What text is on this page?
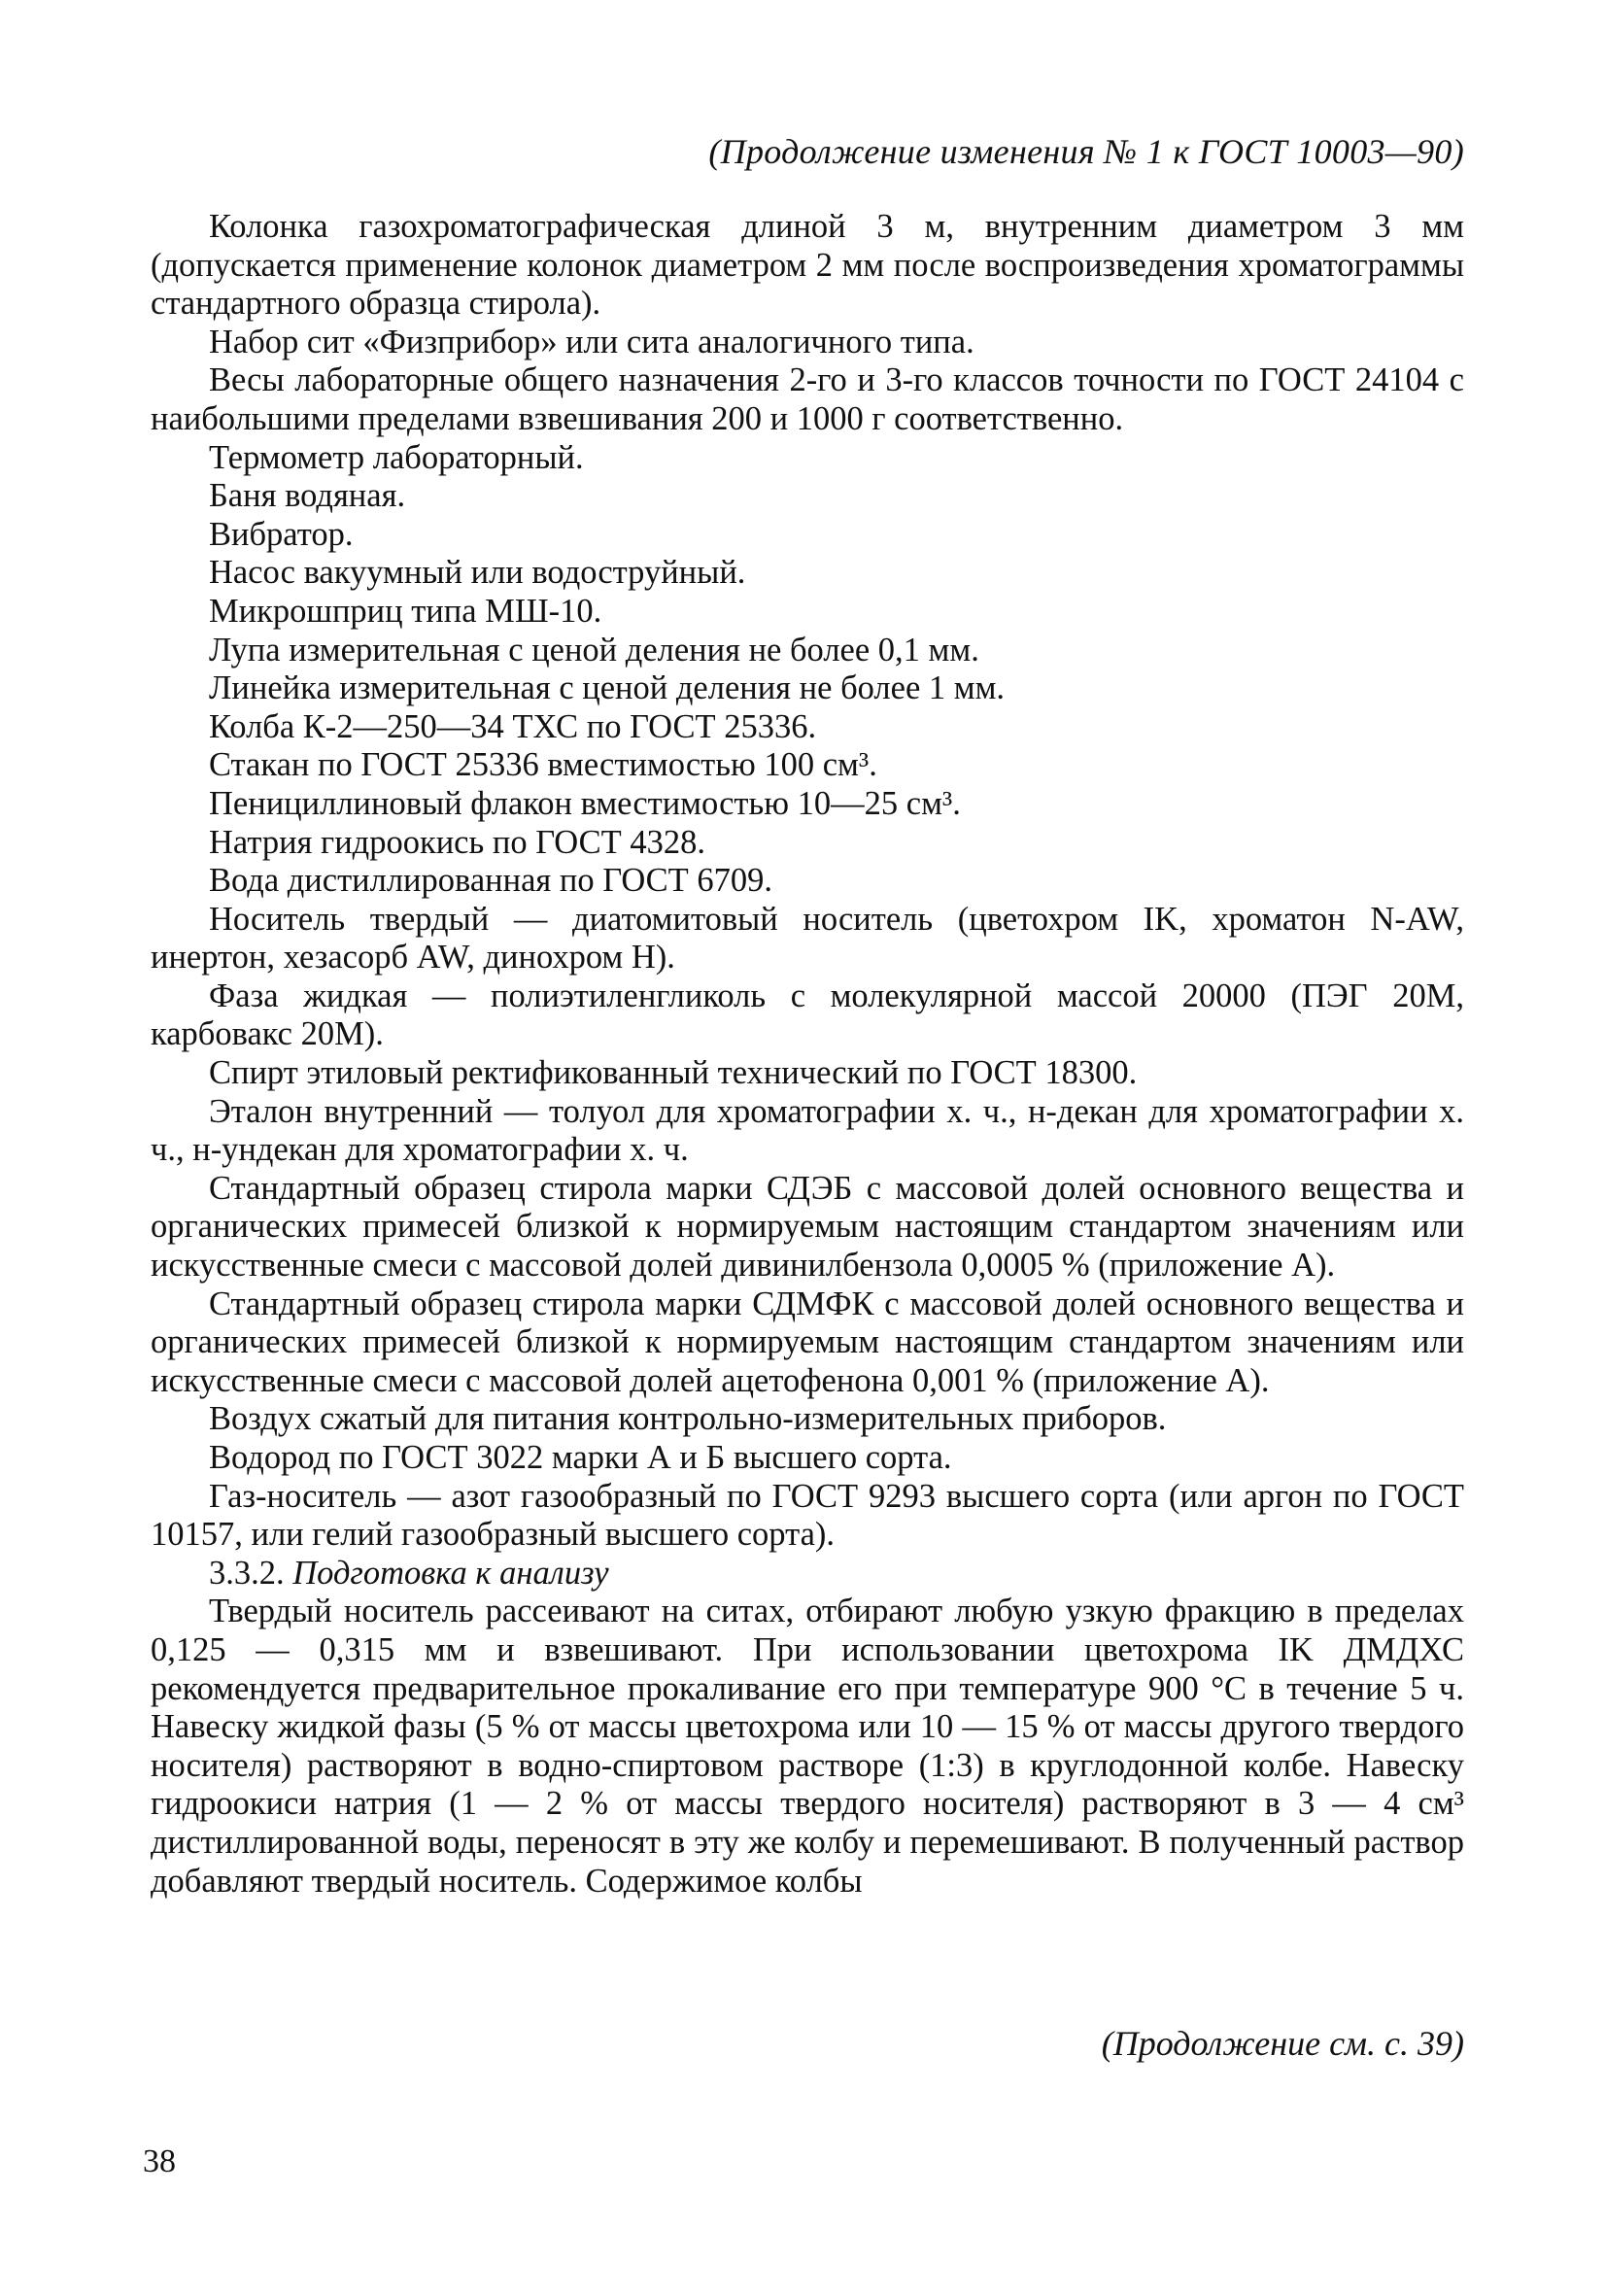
(Продолжение изменения № 1 к ГОСТ 10003—90)

Колонка газохроматографическая длиной 3 м, внутренним диаметром 3 мм (допускается применение колонок диаметром 2 мм после воспроизведения хроматограммы стандартного образца стирола).

Набор сит «Физприбор» или сита аналогичного типа.

Весы лабораторные общего назначения 2-го и 3-го классов точности по ГОСТ 24104 с наибольшими пределами взвешивания 200 и 1000 г соответственно.

Термометр лабораторный.

Баня водяная.

Вибратор.

Насос вакуумный или водоструйный.

Микрошприц типа МШ-10.

Лупа измерительная с ценой деления не более 0,1 мм.

Линейка измерительная с ценой деления не более 1 мм.

Колба К-2—250—34 ТХС по ГОСТ 25336.

Стакан по ГОСТ 25336 вместимостью 100 см³.

Пенициллиновый флакон вместимостью 10—25 см³.

Натрия гидроокись по ГОСТ 4328.

Вода дистиллированная по ГОСТ 6709.

Носитель твердый — диатомитовый носитель (цветохром IK, хроматон N-AW, инертон, хезасорб AW, динохром Н).

Фаза жидкая — полиэтиленгликоль с молекулярной массой 20000 (ПЭГ 20М, карбовакс 20М).

Спирт этиловый ректификованный технический по ГОСТ 18300.

Эталон внутренний — толуол для хроматографии х. ч., н-декан для хроматографии х. ч., н-ундекан для хроматографии х. ч.

Стандартный образец стирола марки СДЭБ с массовой долей основного вещества и органических примесей близкой к нормируемым настоящим стандартом значениям или искусственные смеси с массовой долей дивинилбензола 0,0005 % (приложение А).

Стандартный образец стирола марки СДМФК с массовой долей основного вещества и органических примесей близкой к нормируемым настоящим стандартом значениям или искусственные смеси с массовой долей ацетофенона 0,001 % (приложение А).

Воздух сжатый для питания контрольно-измерительных приборов.

Водород по ГОСТ 3022 марки А и Б высшего сорта.

Газ-носитель — азот газообразный по ГОСТ 9293 высшего сорта (или аргон по ГОСТ 10157, или гелий газообразный высшего сорта).

3.3.2. Подготовка к анализу

Твердый носитель рассеивают на ситах, отбирают любую узкую фракцию в пределах 0,125 — 0,315 мм и взвешивают. При использовании цветохрома IK ДМДХС рекомендуется предварительное прокаливание его при температуре 900 °С в течение 5 ч. Навеску жидкой фазы (5 % от массы цветохрома или 10 — 15 % от массы другого твердого носителя) растворяют в водно-спиртовом растворе (1:3) в круглодонной колбе. Навеску гидроокиси натрия (1 — 2 % от массы твердого носителя) растворяют в 3 — 4 см³ дистиллированной воды, переносят в эту же колбу и перемешивают. В полученный раствор добавляют твердый носитель. Содержимое колбы

(Продолжение см. с. 39)
38
